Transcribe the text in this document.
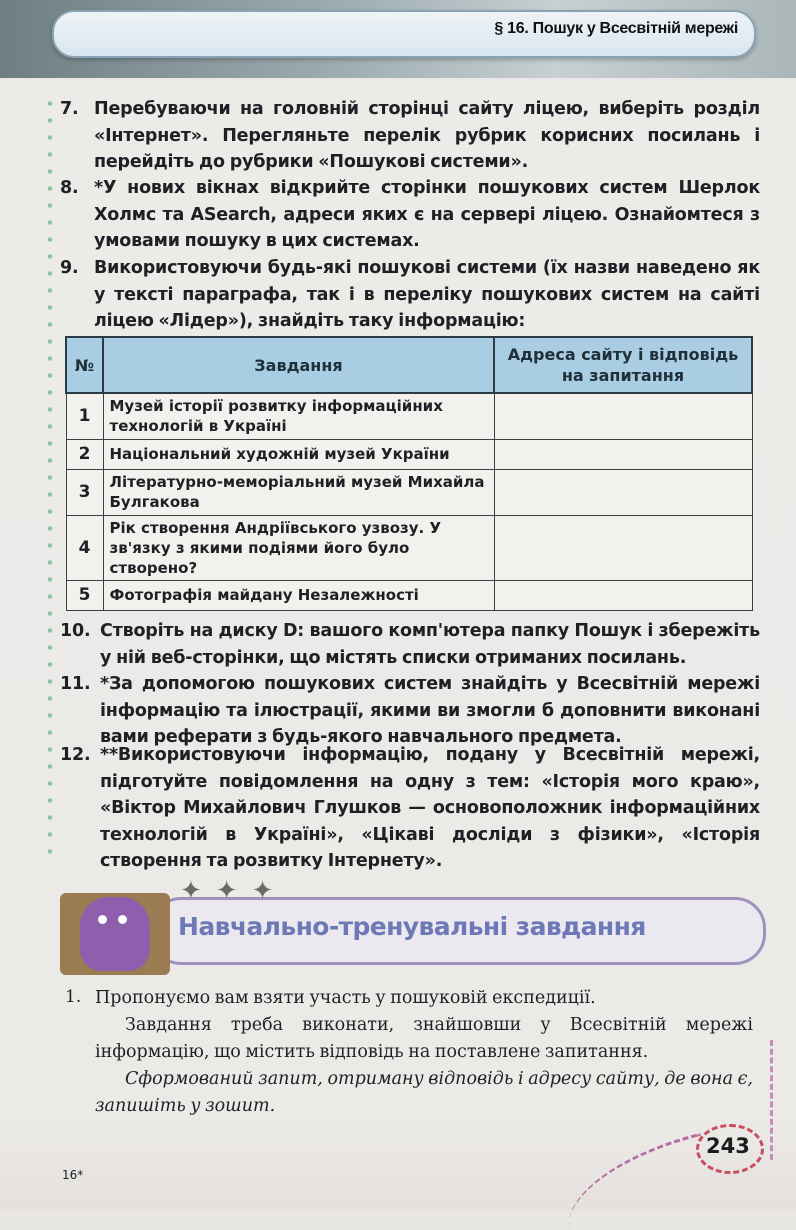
§ 16. Пошук у Всесвітній мережі
7. Перебуваючи на головній сторінці сайту ліцею, виберіть розділ «Інтернет». Перегляньте перелік рубрик корисних посилань і перейдіть до рубрики «Пошукові системи».
8. *У нових вікнах відкрийте сторінки пошукових систем Шерлок Холмс та ASearch, адреси яких є на сервері ліцею. Ознайомтеся з умовами пошуку в цих системах.
9. Використовуючи будь-які пошукові системи (їх назви наведено як у тексті параграфа, так і в переліку пошукових систем на сайті ліцею «Лідер»), знайдіть таку інформацію:
№	Завдання	Адреса сайту і відповідь на запитання
1	Музей історії розвитку інформаційних технологій в Україні	
2	Національний художній музей України	
3	Літературно-меморіальний музей Михайла Булгакова	
4	Рік створення Андріївського узвозу. У зв'язку з якими подіями його було створено?	
5	Фотографія майдану Незалежності	
10. Створіть на диску D: вашого комп'ютера папку Пошук і збережіть у ній веб-сторінки, що містять списки отриманих посилань.
11. *За допомогою пошукових систем знайдіть у Всесвітній мережі інформацію та ілюстрації, якими ви змогли б доповнити виконані вами реферати з будь-якого навчального предмета.
12. **Використовуючи інформацію, подану у Всесвітній мережі, підготуйте повідомлення на одну з тем: «Історія мого краю», «Віктор Михайлович Глушков — основоположник інформаційних технологій в Україні», «Цікаві досліди з фізики», «Історія створення та розвитку Інтернету».
✦✦✦
Навчально-тренувальні завдання
1. Пропонуємо вам взяти участь у пошуковій експедиції.
Завдання треба виконати, знайшовши у Всесвітній мережі інформацію, що містить відповідь на поставлене запитання.
Сформований запит, отриману відповідь і адресу сайту, де вона є, запишіть у зошит.
16*
243
